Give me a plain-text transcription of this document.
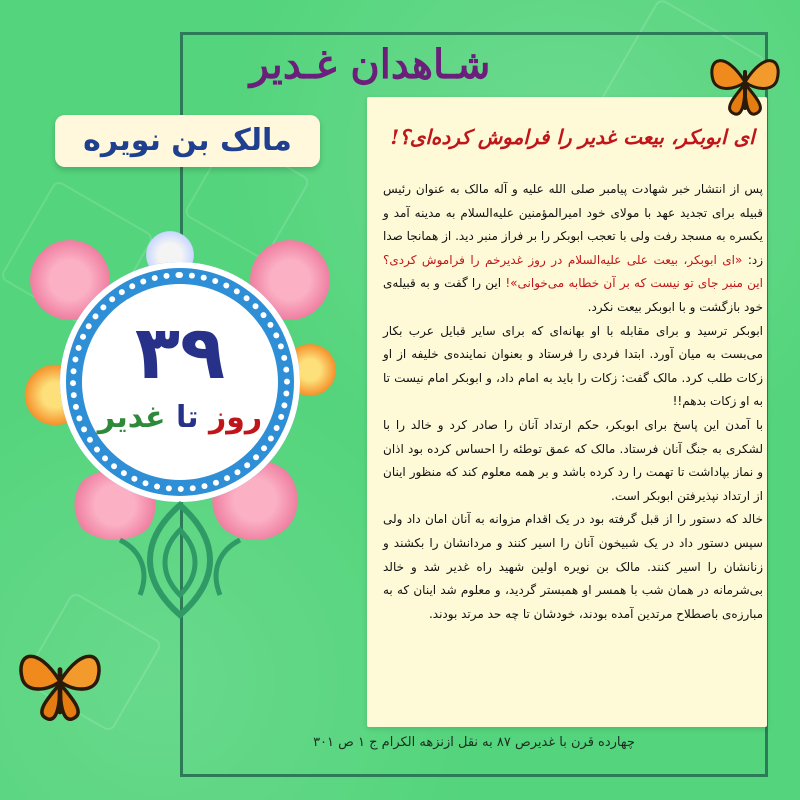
شـاهدان غـدیر
مالک بن نویره	ای ابوبکر، بیعت غدیر را فراموش کرده‌ای؟!

پس از انتشار خبر شهادت پیامبر صلی الله علیه و آله مالک به عنوان رئیس قبیله برای تجدید عهد با مولای خود امیرالمؤمنین علیه‌السلام به مدینه آمد و یکسره به مسجد رفت ولی با تعجب ابوبکر را بر فراز منبر دید. از همانجا صدا زد: «ای ابوبکر، بیعت علی علیه‌السلام در روز غدیرخم را فراموش کردی؟ این منبر جای تو نیست که بر آن خطابه می‌خوانی»! این را گفت و به قبیله‌ی خود بازگشت و با ابوبکر بیعت نکرد.

ابوبکر ترسید و برای مقابله با او بهانه‌ای که برای سایر قبایل عرب بکار می‌بست به میان آورد. ابتدا فردی را فرستاد و بعنوان نماینده‌ی خلیفه از او زکات طلب کرد. مالک گفت: زکات را باید به امام داد، و ابوبکر امام نیست تا به او زکات بدهم!!

با آمدن این پاسخ برای ابوبکر، حکم ارتداد آنان را صادر کرد و خالد را با لشکری به جنگ آنان فرستاد. مالک که عمق توطئه را احساس کرده بود اذان و نماز بپاداشت تا تهمت را رد کرده باشد و بر همه معلوم کند که منظور اینان از ارتداد نپذیرفتن ابوبکر است.

خالد که دستور را از قبل گرفته بود در یک اقدام مزوانه به آنان امان داد ولی سپس دستور داد در یک شبیخون آنان را اسیر کنند و مردانشان را بکشند و زنانشان را اسیر کنند. مالک بن نویره اولین شهید راه غدیر شد و خالد بی‌شرمانه در همان شب با همسر او همبستر گردید، و معلوم شد اینان که به مبارزه‌ی باصطلاح مرتدین آمده بودند، خودشان تا چه حد مرتد بودند.

چهارده قرن با غدیرص ۸۷ به نقل ازنزهه الکرام ج ۱ ص ۳۰۱
۳۹
روز تا غدیر
